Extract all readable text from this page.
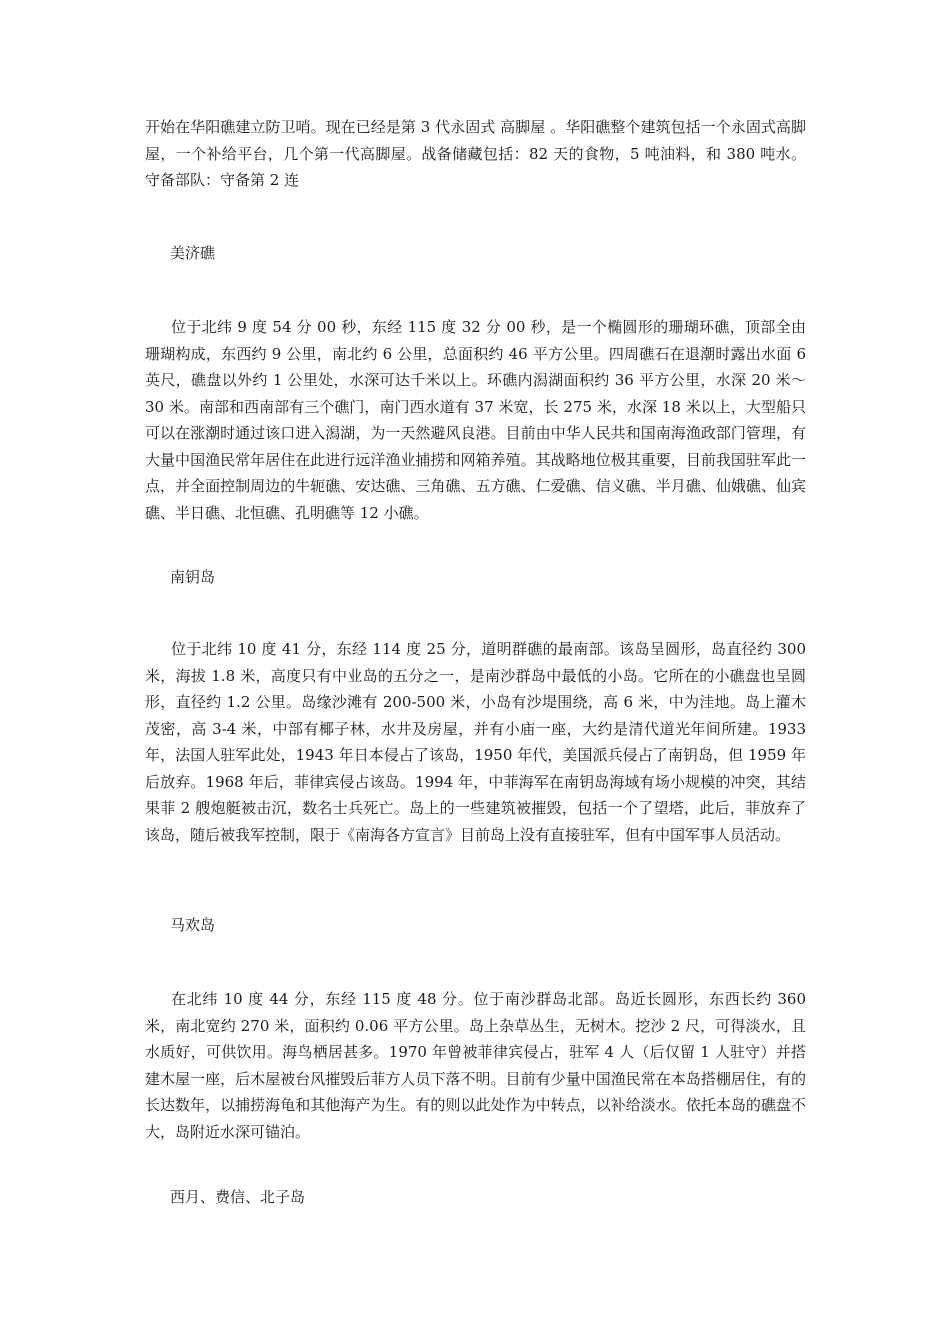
开始在华阳礁建立防卫哨。现在已经是第 3 代永固式 高脚屋 。华阳礁整个建筑包括一个永固式高脚屋，一个补给平台，几个第一代高脚屋。战备储藏包括：82 天的食物，5 吨油料，和 380 吨水。守备部队：守备第 2 连

美济礁

位于北纬 9 度 54 分 00 秒，东经 115 度 32 分 00 秒，是一个椭圆形的珊瑚环礁，顶部全由珊瑚构成，东西约 9 公里，南北约 6 公里，总面积约 46 平方公里。四周礁石在退潮时露出水面 6 英尺，礁盘以外约 1 公里处，水深可达千米以上。环礁内潟湖面积约 36 平方公里，水深 20 米～30 米。南部和西南部有三个礁门，南门西水道有 37 米宽，长 275 米，水深 18 米以上，大型船只可以在涨潮时通过该口进入潟湖，为一天然避风良港。目前由中华人民共和国南海渔政部门管理，有大量中国渔民常年居住在此进行远洋渔业捕捞和网箱养殖。其战略地位极其重要，目前我国驻军此一点，并全面控制周边的牛轭礁、安达礁、三角礁、五方礁、仁爱礁、信义礁、半月礁、仙娥礁、仙宾礁、半日礁、北恒礁、孔明礁等 12 小礁。

南钥岛

位于北纬 10 度 41 分，东经 114 度 25 分，道明群礁的最南部。该岛呈圆形，岛直径约 300 米，海拔 1.8 米，高度只有中业岛的五分之一，是南沙群岛中最低的小岛。它所在的小礁盘也呈圆形，直径约 1.2 公里。岛缘沙滩有 200-500 米，小岛有沙堤围绕，高 6 米，中为洼地。岛上灌木茂密，高 3-4 米，中部有椰子林，水井及房屋，并有小庙一座，大约是清代道光年间所建。1933 年，法国人驻军此处，1943 年日本侵占了该岛，1950 年代，美国派兵侵占了南钥岛，但 1959 年后放弃。1968 年后，菲律宾侵占该岛。1994 年，中菲海军在南钥岛海域有场小规模的冲突，其结果菲 2 艘炮艇被击沉，数名士兵死亡。岛上的一些建筑被摧毁，包括一个了望塔，此后，菲放弃了该岛，随后被我军控制，限于《南海各方宣言》目前岛上没有直接驻军，但有中国军事人员活动。

马欢岛

在北纬 10 度 44 分，东经 115 度 48 分。位于南沙群岛北部。岛近长圆形，东西长约 360 米，南北宽约 270 米，面积约 0.06 平方公里。岛上杂草丛生，无树木。挖沙 2 尺，可得淡水，且水质好，可供饮用。海鸟栖居甚多。1970 年曾被菲律宾侵占，驻军 4 人（后仅留 1 人驻守）并搭建木屋一座，后木屋被台风摧毁后菲方人员下落不明。目前有少量中国渔民常在本岛搭棚居住，有的长达数年，以捕捞海龟和其他海产为生。有的则以此处作为中转点，以补给淡水。依托本岛的礁盘不大，岛附近水深可锚泊。

西月、费信、北子岛
